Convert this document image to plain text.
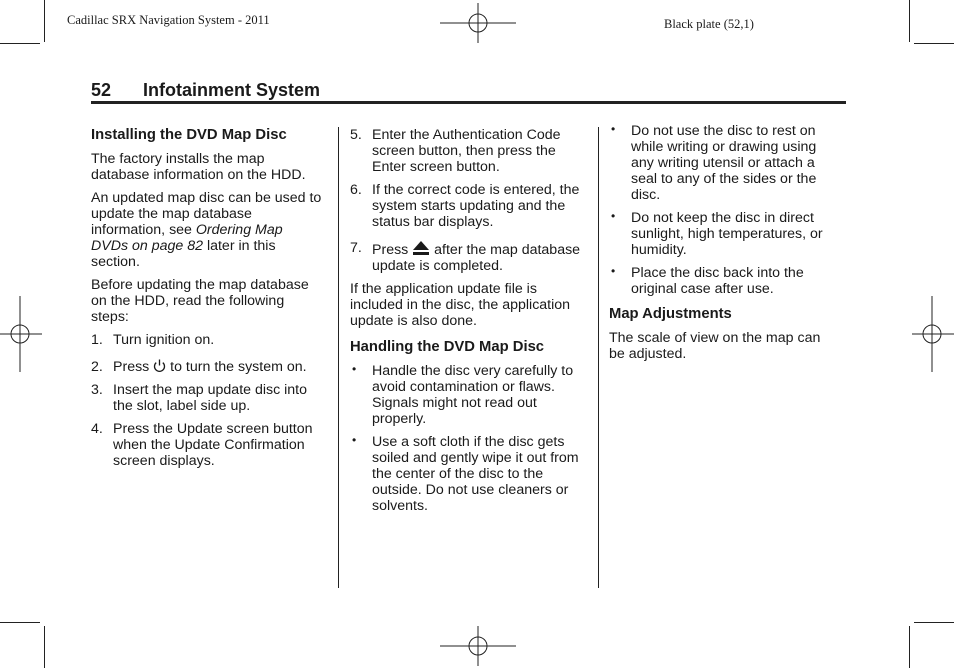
Cadillac SRX Navigation System - 2011	Black plate (52,1)
52 Infotainment System
Installing the DVD Map Disc

The factory installs the map database information on the HDD.

An updated map disc can be used to update the map database information, see Ordering Map DVDs on page 82 later in this section.

Before updating the map database on the HDD, read the following steps:

1. Turn ignition on.
2. Press  to turn the system on.
3. Insert the map update disc into the slot, label side up.
4. Press the Update screen button when the Update Confirmation screen displays.
5. Enter the Authentication Code screen button, then press the Enter screen button.
6. If the correct code is entered, the system starts updating and the status bar displays.
7. Press  after the map database update is completed.

If the application update file is included in the disc, the application update is also done.

Handling the DVD Map Disc
• Handle the disc very carefully to avoid contamination or flaws. Signals might not read out properly.
• Use a soft cloth if the disc gets soiled and gently wipe it out from the center of the disc to the outside. Do not use cleaners or solvents.
• Do not use the disc to rest on while writing or drawing using any writing utensil or attach a seal to any of the sides or the disc.
• Do not keep the disc in direct sunlight, high temperatures, or humidity.
• Place the disc back into the original case after use.
Map Adjustments

The scale of view on the map can be adjusted.
